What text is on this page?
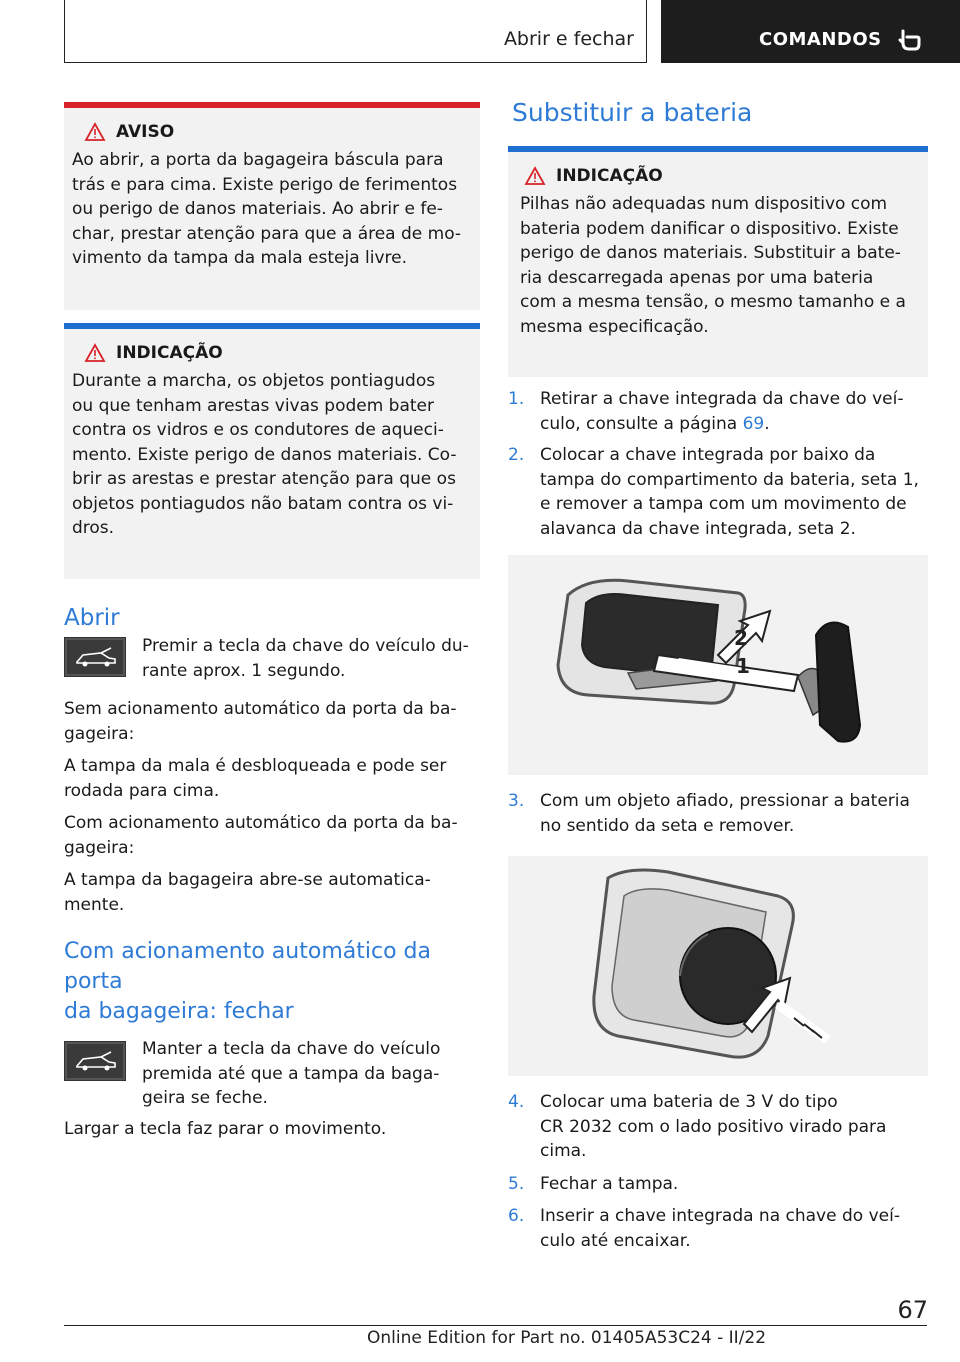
Abrir e fechar	COMANDOS
AVISO
Ao abrir, a porta da bagageira báscula para
trás e para cima. Existe perigo de ferimentos
ou perigo de danos materiais. Ao abrir e fe-
char, prestar atenção para que a área de mo-
vimento da tampa da mala esteja livre.
INDICAÇÃO
Durante a marcha, os objetos pontiagudos
ou que tenham arestas vivas podem bater
contra os vidros e os condutores de aqueci-
mento. Existe perigo de danos materiais. Co-
brir as arestas e prestar atenção para que os
objetos pontiagudos não batam contra os vi-
dros.
Abrir
Premir a tecla da chave do veículo du-
rante aprox. 1 segundo.
Sem acionamento automático da porta da ba-
gageira:
A tampa da mala é desbloqueada e pode ser
rodada para cima.
Com acionamento automático da porta da ba-
gageira:
A tampa da bagageira abre-se automatica-
mente.
Com acionamento automático da porta
da bagageira: fechar
Manter a tecla da chave do veículo
premida até que a tampa da baga-
geira se feche.
Largar a tecla faz parar o movimento.
Substituir a bateria
INDICAÇÃO
Pilhas não adequadas num dispositivo com
bateria podem danificar o dispositivo. Existe
perigo de danos materiais. Substituir a bate-
ria descarregada apenas por uma bateria
com a mesma tensão, o mesmo tamanho e a
mesma especificação.
1. Retirar a chave integrada da chave do veí-
culo, consulte a página 69.
2. Colocar a chave integrada por baixo da
tampa do compartimento da bateria, seta 1,
e remover a tampa com um movimento de
alavanca da chave integrada, seta 2.
2
1
3. Com um objeto afiado, pressionar a bateria
no sentido da seta e remover.
4. Colocar uma bateria de 3 V do tipo
CR 2032 com o lado positivo virado para
cima.
5. Fechar a tampa.
6. Inserir a chave integrada na chave do veí-
culo até encaixar.
67
Online Edition for Part no. 01405A53C24 - II/22
